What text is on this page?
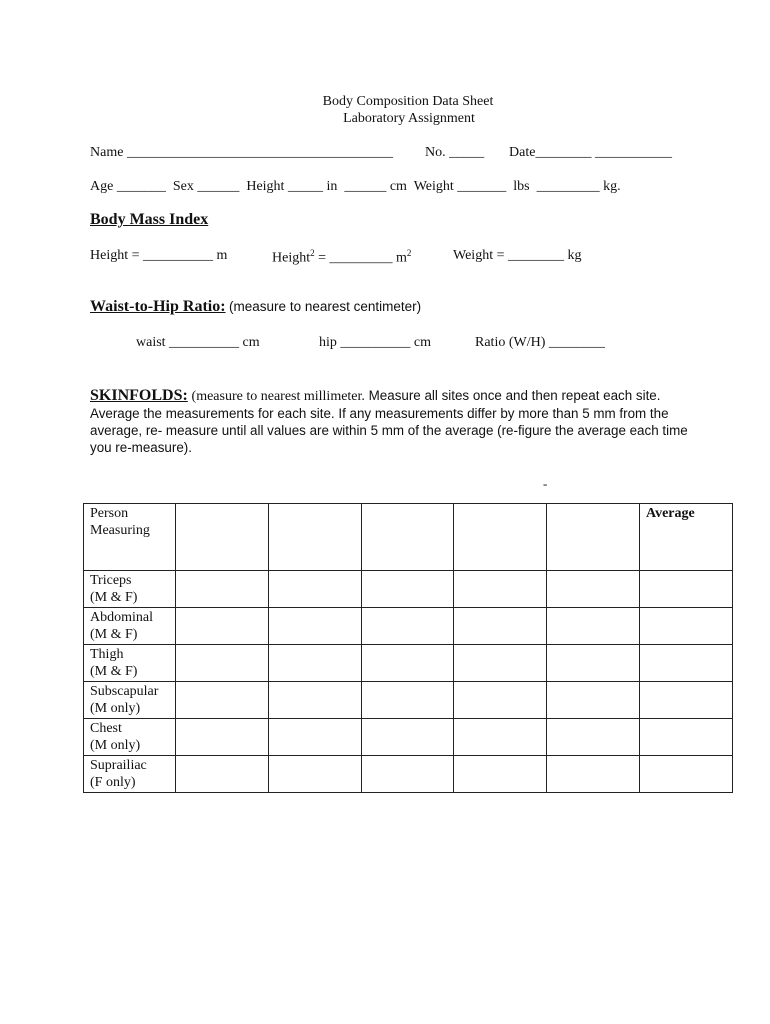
Body Composition Data Sheet
Laboratory Assignment
Name ______________________________________ No. _____ Date________ ___________
Age _______ Sex ______ Height _____ in ______ cm Weight _______ lbs _________ kg.
Body Mass Index
Height = __________ m	Height$^2$ = _________ $m^2$	Weight = ________ kg
Waist-to-Hip Ratio: (measure to nearest centimeter)
waist __________ cm	hip __________ cm	Ratio (W/H) ________
SKINFOLDS: (measure to nearest millimeter. Measure all sites once and then repeat each site. Average the measurements for each site. If any measurements differ by more than 5 mm from the average, re- measure until all values are within 5 mm of the average (re-figure the average each time you re-measure).
-
Person
Measuring						Average

Triceps
(M & F)						

Abdominal
(M & F)						

Thigh
(M & F)						

Subscapular
(M only)						

Chest
(M only)						

Suprailiac
(F only)						
